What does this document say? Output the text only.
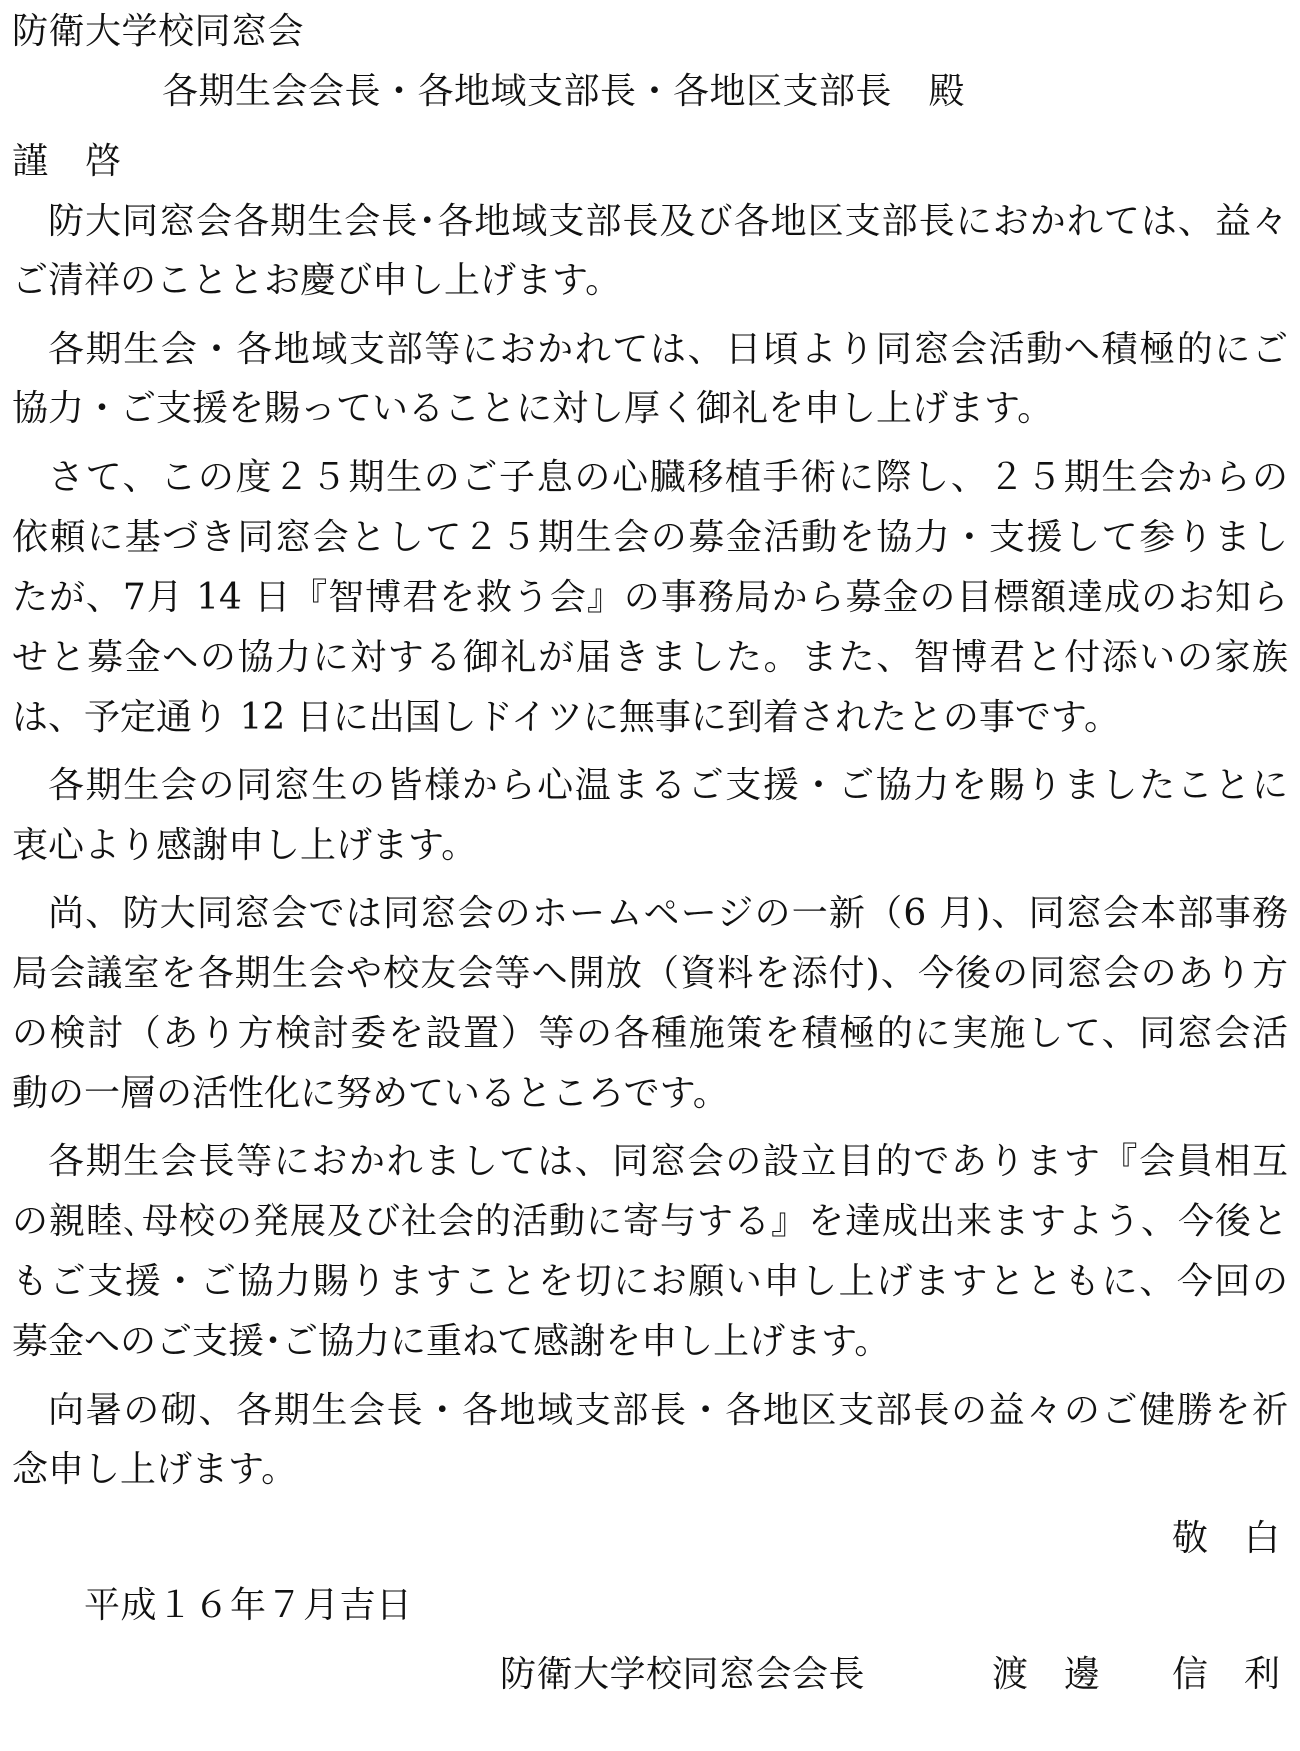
防衛大学校同窓会
各期生会会長・各地域支部長・各地区支部長　殿
謹　啓
防大同窓会各期生会長･各地域支部長及び各地区支部長におかれては、益々
ご清祥のこととお慶び申し上げます。
各期生会・各地域支部等におかれては、日頃より同窓会活動へ積極的にご
協力・ご支援を賜っていることに対し厚く御礼を申し上げます。
さて、この度２５期生のご子息の心臓移植手術に際し、２５期生会からの
依頼に基づき同窓会として２５期生会の募金活動を協力・支援して参りまし
たが、7月 14 日『智博君を救う会』の事務局から募金の目標額達成のお知ら
せと募金への協力に対する御礼が届きました。また、智博君と付添いの家族
は、予定通り 12 日に出国しドイツに無事に到着されたとの事です。
各期生会の同窓生の皆様から心温まるご支援・ご協力を賜りましたことに
衷心より感謝申し上げます。
尚、防大同窓会では同窓会のホームページの一新（6 月)、同窓会本部事務
局会議室を各期生会や校友会等へ開放（資料を添付)、今後の同窓会のあり方
の検討（あり方検討委を設置）等の各種施策を積極的に実施して、同窓会活
動の一層の活性化に努めているところです。
各期生会長等におかれましては、同窓会の設立目的であります『会員相互
の親睦､母校の発展及び社会的活動に寄与する』を達成出来ますよう、今後と
もご支援・ご協力賜りますことを切にお願い申し上げますとともに、今回の
募金へのご支援･ご協力に重ねて感謝を申し上げます。
向暑の砌、各期生会長・各地域支部長・各地区支部長の益々のご健勝を祈
念申し上げます。
敬　白
平成１６年７月吉日
防衛大学校同窓会会長	渡　邊　　信　利
